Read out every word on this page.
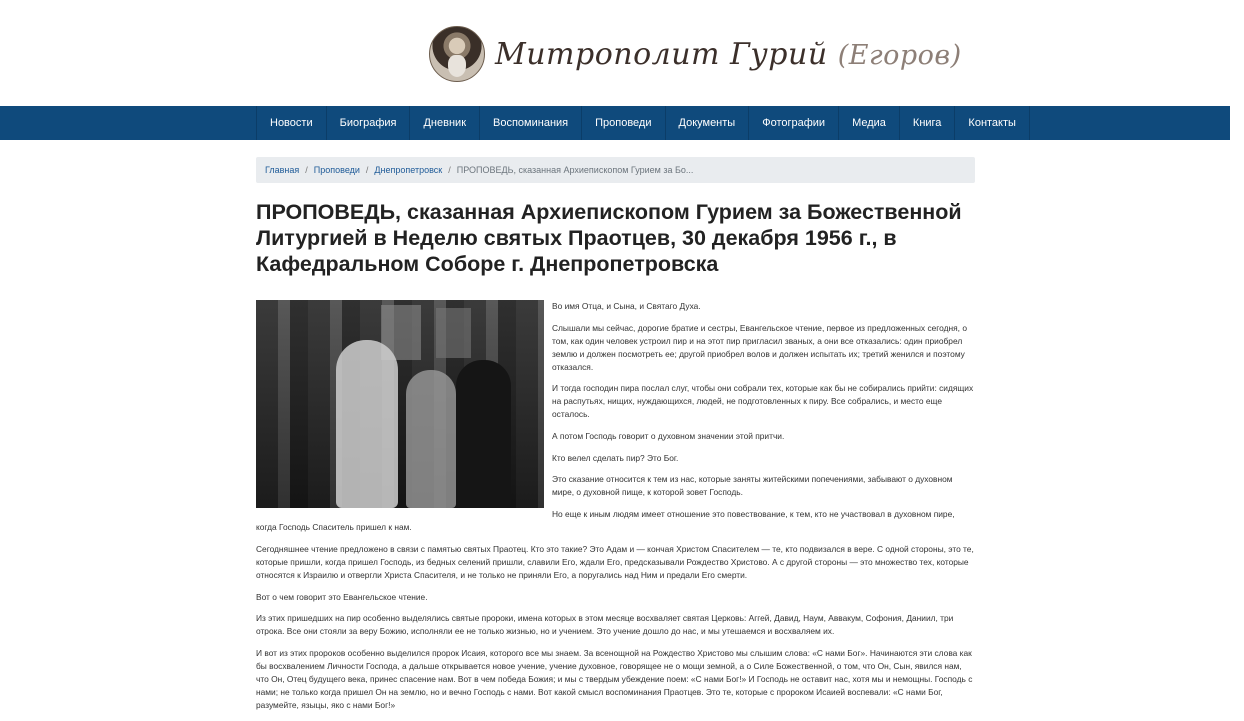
Митрополит Гурий (Егоров)
Новости	Биография	Дневник	Воспоминания	Проповеди	Документы	Фотографии	Медиа	Книга	Контакты
Главная / Проповеди / Днепропетровск / ПРОПОВЕДЬ, сказанная Архиепископом Гурием за Бо...
ПРОПОВЕДЬ, сказанная Архиепископом Гурием за Божественной Литургией в Неделю святых Праотцев, 30 декабря 1956 г., в Кафедральном Соборе г. Днепропетровска

Во имя Отца, и Сына, и Святаго Духа.

Слышали мы сейчас, дорогие братие и сестры, Евангельское чтение, первое из предложенных сегодня, о том, как один человек устроил пир и на этот пир пригласил званых, а они все отказались: один приобрел землю и должен посмотреть ее; другой приобрел волов и должен испытать их; третий женился и поэтому отказался.

И тогда господин пира послал слуг, чтобы они собрали тех, которые как бы не собирались прийти: сидящих на распутьях, нищих, нуждающихся, людей, не подготовленных к пиру. Все собрались, и место еще осталось.

А потом Господь говорит о духовном значении этой притчи.

Кто велел сделать пир? Это Бог.

Это сказание относится к тем из нас, которые заняты житейскими попечениями, забывают о духовном мире, о духовной пище, к которой зовет Господь.

Но еще к иным людям имеет отношение это повествование, к тем, кто не участвовал в духовном пире, когда Господь Спаситель пришел к нам.

Сегодняшнее чтение предложено в связи с памятью святых Праотец. Кто это такие? Это Адам и — кончая Христом Спасителем — те, кто подвизался в вере. С одной стороны, это те, которые пришли, когда пришел Господь, из бедных селений пришли, славили Его, ждали Его, предсказывали Рождество Христово. А с другой стороны — это множество тех, которые относятся к Израилю и отвергли Христа Спасителя, и не только не приняли Его, а поругались над Ним и предали Его смерти.

Вот о чем говорит это Евангельское чтение.

Из этих пришедших на пир особенно выделялись святые пророки, имена которых в этом месяце восхваляет святая Церковь: Аггей, Давид, Наум, Аввакум, Софония, Даниил, три отрока. Все они стояли за веру Божию, исполняли ее не только жизнью, но и учением. Это учение дошло до нас, и мы утешаемся и восхваляем их.

И вот из этих пророков особенно выделился пророк Исаия, которого все мы знаем. За всенощной на Рождество Христово мы слышим слова: «С нами Бог». Начинаются эти слова как бы восхвалением Личности Господа, а дальше открывается новое учение, учение духовное, говорящее не о мощи земной, а о Силе Божественной, о том, что Он, Сын, явился нам, что Он, Отец будущего века, принес спасение нам. Вот в чем победа Божия; и мы с твердым убеждение поем: «С нами Бог!» И Господь не оставит нас, хотя мы и немощны. Господь с нами; не только когда пришел Он на землю, но и вечно Господь с нами. Вот какой смысл воспоминания Праотцев. Это те, которые с пророком Исаией воспевали: «С нами Бог, разумейте, языцы, яко с нами Бог!»
